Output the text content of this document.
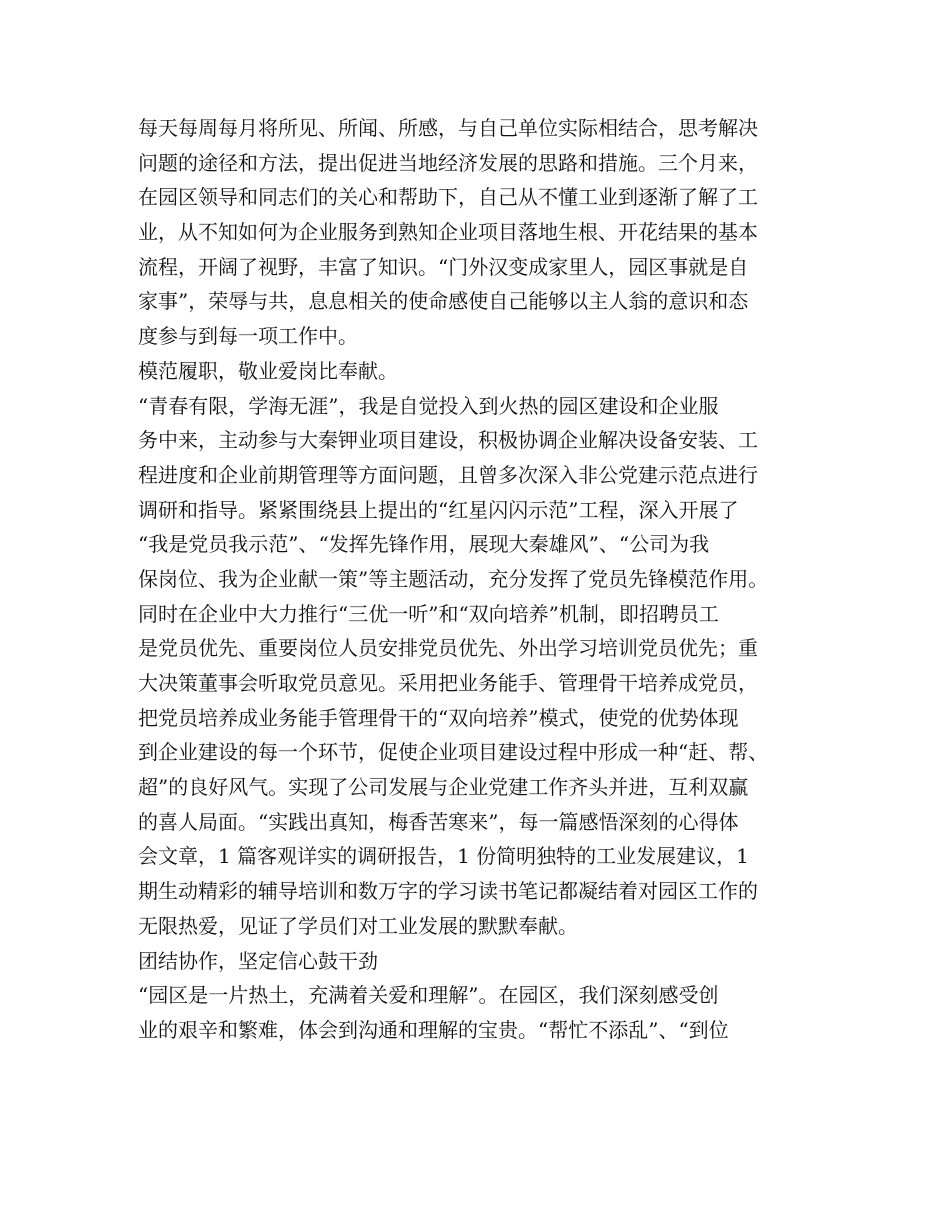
每天每周每月将所见、所闻、所感，与自己单位实际相结合，思考解决
问题的途径和方法，提出促进当地经济发展的思路和措施。三个月来，
在园区领导和同志们的关心和帮助下，自己从不懂工业到逐渐了解了工
业，从不知如何为企业服务到熟知企业项目落地生根、开花结果的基本
流程，开阔了视野，丰富了知识。“门外汉变成家里人，园区事就是自
家事”，荣辱与共，息息相关的使命感使自己能够以主人翁的意识和态
度参与到每一项工作中。
模范履职，敬业爱岗比奉献。
“青春有限，学海无涯”，我是自觉投入到火热的园区建设和企业服
务中来，主动参与大秦钾业项目建设，积极协调企业解决设备安装、工
程进度和企业前期管理等方面问题，且曾多次深入非公党建示范点进行
调研和指导。紧紧围绕县上提出的“红星闪闪示范”工程，深入开展了
“我是党员我示范”、“发挥先锋作用，展现大秦雄风”、“公司为我
保岗位、我为企业献一策”等主题活动，充分发挥了党员先锋模范作用。
同时在企业中大力推行“三优一听”和“双向培养”机制，即招聘员工
是党员优先、重要岗位人员安排党员优先、外出学习培训党员优先；重
大决策董事会听取党员意见。采用把业务能手、管理骨干培养成党员，
把党员培养成业务能手管理骨干的“双向培养”模式，使党的优势体现
到企业建设的每一个环节，促使企业项目建设过程中形成一种“赶、帮、
超”的良好风气。实现了公司发展与企业党建工作齐头并进，互利双赢
的喜人局面。“实践出真知，梅香苦寒来”，每一篇感悟深刻的心得体
会文章，1 篇客观详实的调研报告，1 份简明独特的工业发展建议，1
期生动精彩的辅导培训和数万字的学习读书笔记都凝结着对园区工作的
无限热爱，见证了学员们对工业发展的默默奉献。
团结协作，坚定信心鼓干劲
“园区是一片热土，充满着关爱和理解”。在园区，我们深刻感受创
业的艰辛和繁难，体会到沟通和理解的宝贵。“帮忙不添乱”、“到位
